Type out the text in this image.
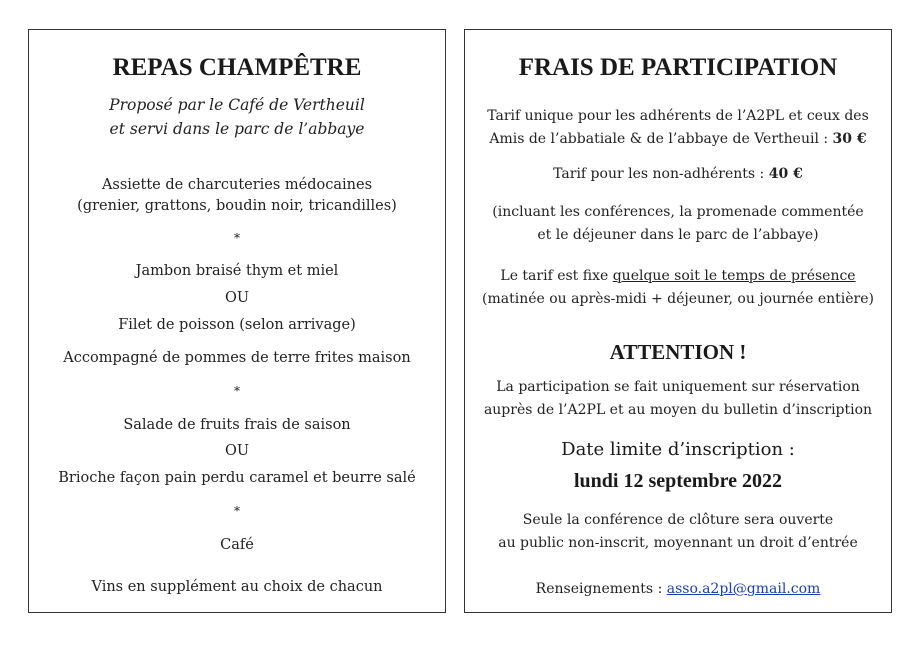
REPAS CHAMPÊTRE
Proposé par le Café de Vertheuil
et servi dans le parc de l’abbaye
Assiette de charcuteries médocaines
(grenier, grattons, boudin noir, tricandilles)
*
Jambon braisé thym et miel
OU
Filet de poisson (selon arrivage)
Accompagné de pommes de terre frites maison
*
Salade de fruits frais de saison
OU
Brioche façon pain perdu caramel et beurre salé
*
Café
Vins en supplément au choix de chacun
FRAIS DE PARTICIPATION
Tarif unique pour les adhérents de l’A2PL et ceux des
Amis de l’abbatiale & de l’abbaye de Vertheuil : 30 €
Tarif pour les non-adhérents : 40 €
(incluant les conférences, la promenade commentée
et le déjeuner dans le parc de l’abbaye)
Le tarif est fixe quelque soit le temps de présence
(matinée ou après-midi + déjeuner, ou journée entière)
ATTENTION !
La participation se fait uniquement sur réservation
auprès de l’A2PL et au moyen du bulletin d’inscription
Date limite d’inscription :
lundi 12 septembre 2022
Seule la conférence de clôture sera ouverte
au public non-inscrit, moyennant un droit d’entrée
Renseignements : asso.a2pl@gmail.com
